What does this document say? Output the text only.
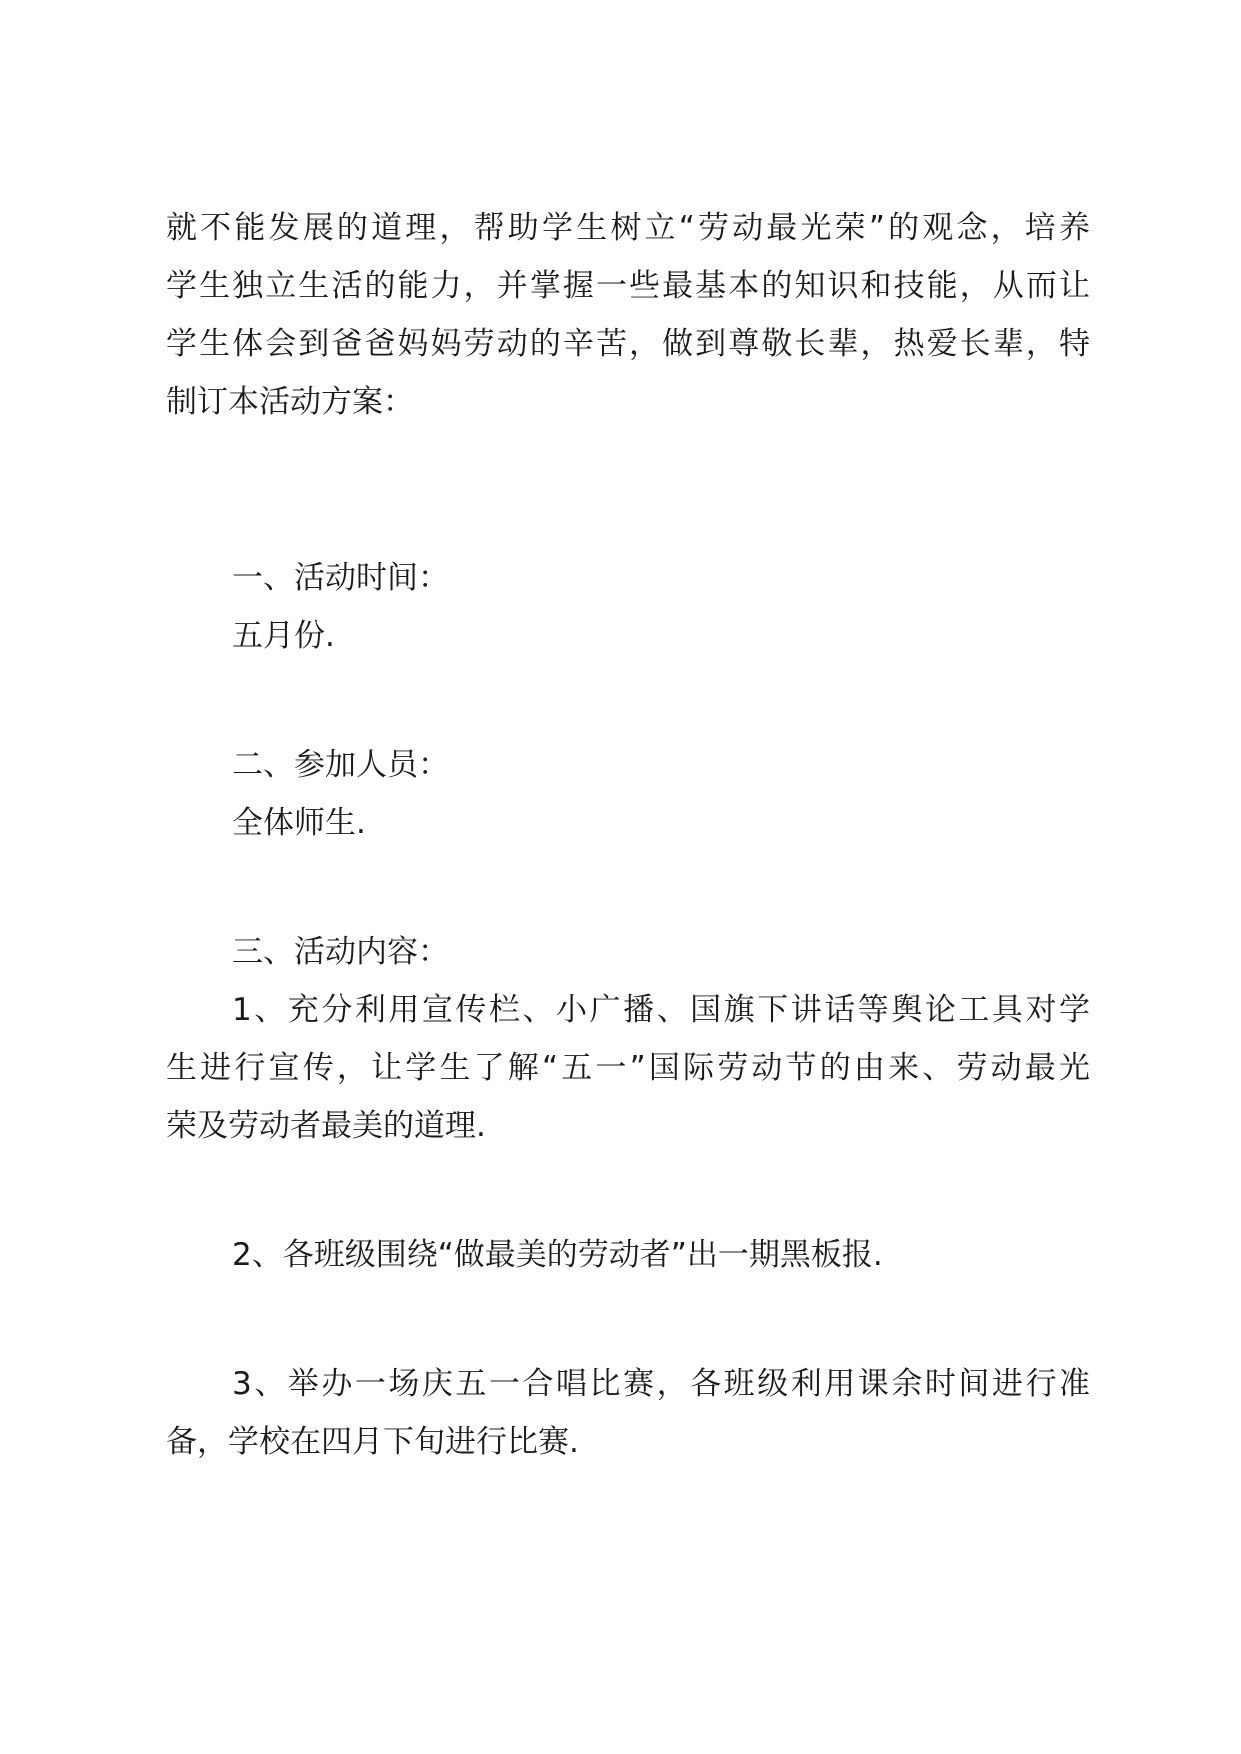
就不能发展的道理，帮助学生树立“劳动最光荣”的观念，培养
学生独立生活的能力，并掌握一些最基本的知识和技能，从而让
学生体会到爸爸妈妈劳动的辛苦，做到尊敬长辈，热爱长辈，特
制订本活动方案：
一、活动时间：
五月份.
二、参加人员：
全体师生.
三、活动内容：
1、充分利用宣传栏、小广播、国旗下讲话等舆论工具对学
生进行宣传，让学生了解“五一”国际劳动节的由来、劳动最光
荣及劳动者最美的道理.
2、各班级围绕“做最美的劳动者”出一期黑板报.
3、举办一场庆五一合唱比赛，各班级利用课余时间进行准
备，学校在四月下旬进行比赛.
